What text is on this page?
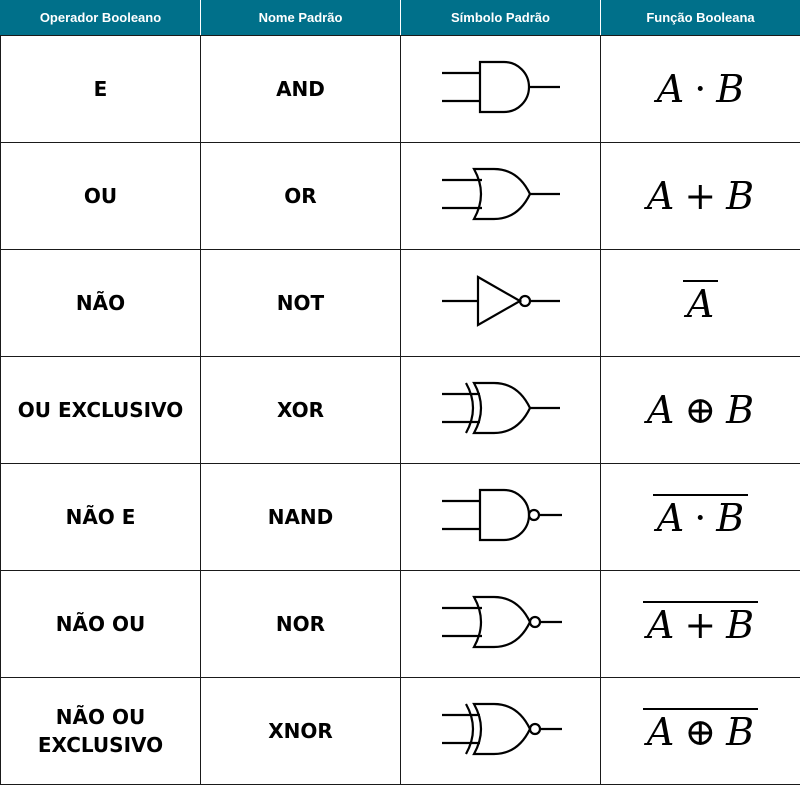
Operador Booleano	Nome Padrão	Símbolo Padrão	Função Booleana
E	AND		A · B
OU	OR		A + B
NÃO	NOT		A
OU EXCLUSIVO	XOR		A ⊕ B
NÃO E	NAND		A · B
NÃO OU	NOR		A + B
NÃO OU EXCLUSIVO	XNOR		A ⊕ B
